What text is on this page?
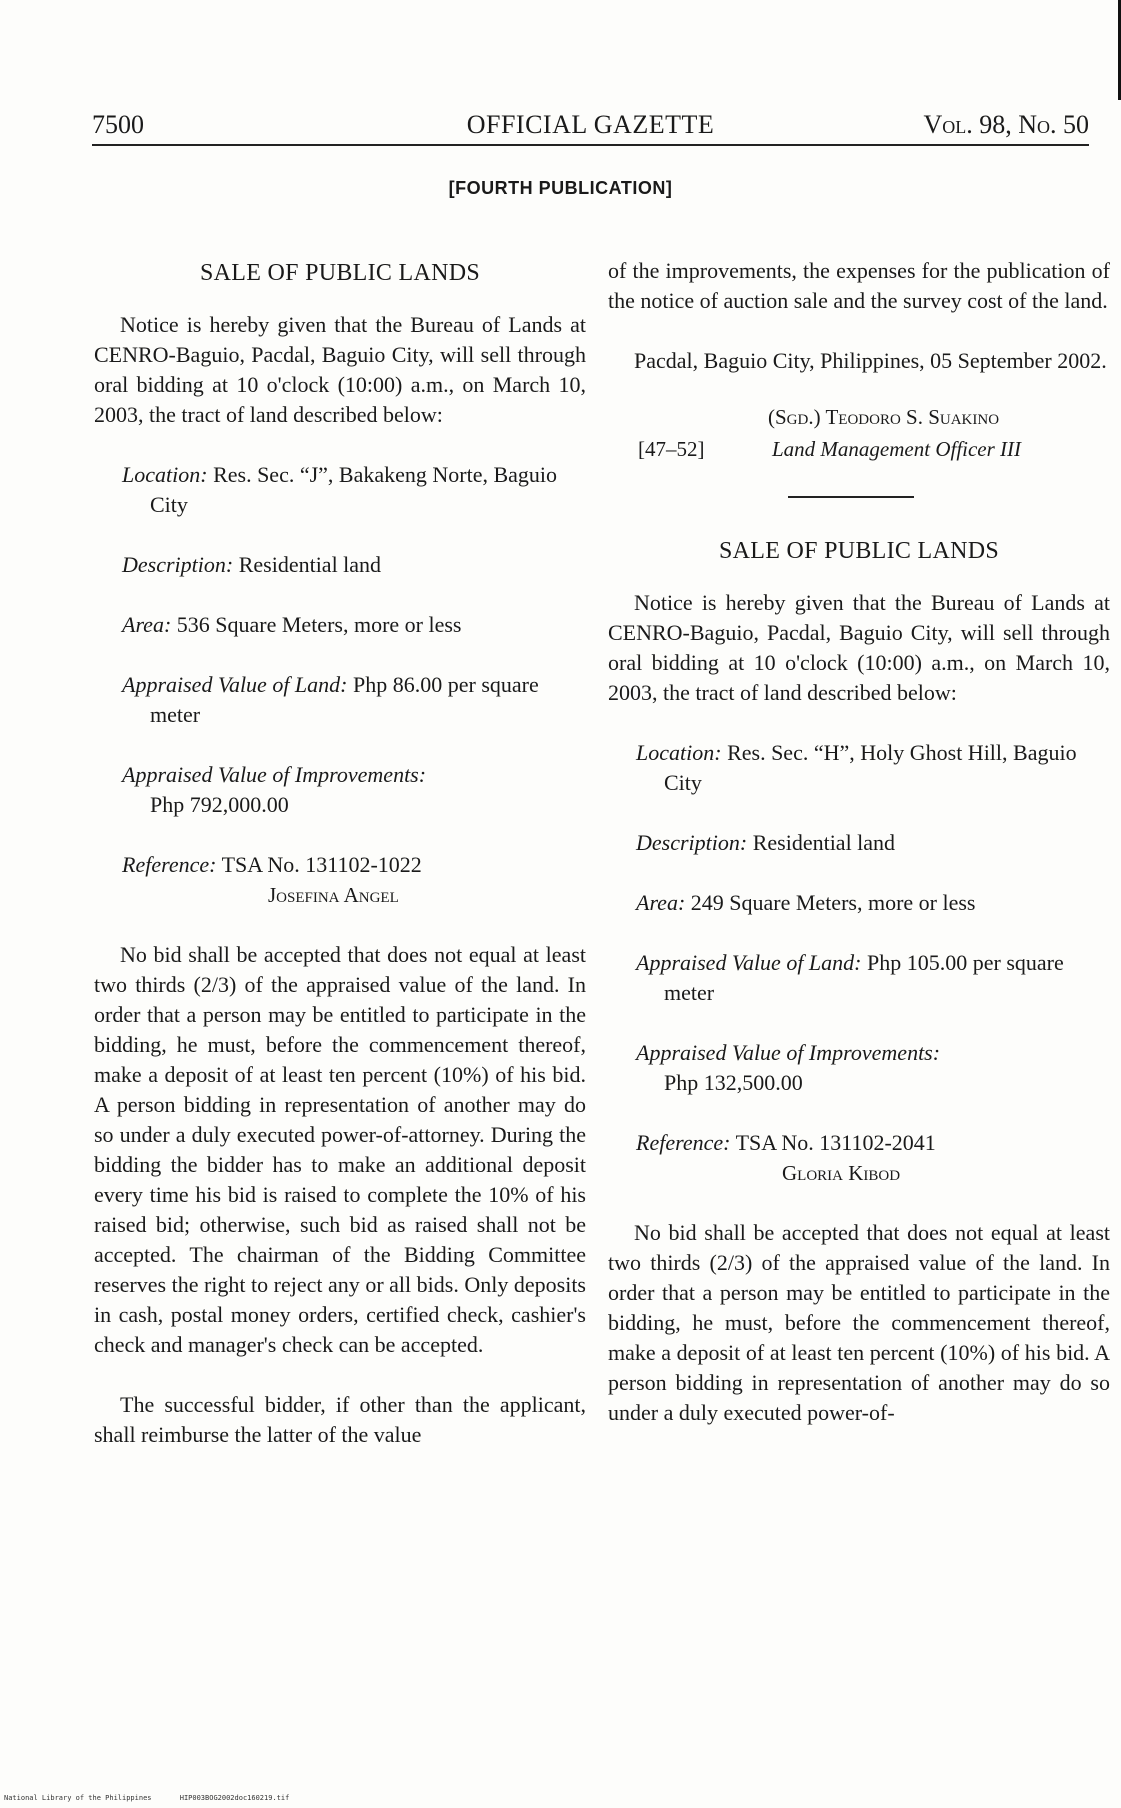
7500	OFFICIAL GAZETTE	Vol. 98, No. 50
[FOURTH PUBLICATION]
SALE OF PUBLIC LANDS

Notice is hereby given that the Bureau of Lands at CENRO-Baguio, Pacdal, Baguio City, will sell through oral bidding at 10 o'clock (10:00) a.m., on March 10, 2003, the tract of land described below:

Location: Res. Sec. “J”, Bakakeng Norte, Baguio City
Description: Residential land
Area: 536 Square Meters, more or less
Appraised Value of Land: Php 86.00 per square meter
Appraised Value of Improvements:
Php 792,000.00
Reference: TSA No. 131102-1022
Josefina Angel

No bid shall be accepted that does not equal at least two thirds (2/3) of the appraised value of the land. In order that a person may be entitled to participate in the bidding, he must, before the commencement thereof, make a deposit of at least ten percent (10%) of his bid. A person bidding in representation of another may do so under a duly executed power-of-attorney. During the bidding the bidder has to make an additional deposit every time his bid is raised to complete the 10% of his raised bid; otherwise, such bid as raised shall not be accepted. The chairman of the Bidding Committee reserves the right to reject any or all bids. Only deposits in cash, postal money orders, certified check, cashier's check and manager's check can be accepted.

The successful bidder, if other than the applicant, shall reimburse the latter of the value

of the improvements, the expenses for the publication of the notice of auction sale and the survey cost of the land.

Pacdal, Baguio City, Philippines, 05 September 2002.

(Sgd.) Teodoro S. Suakino
[47–52]	Land Management Officer III
SALE OF PUBLIC LANDS

Notice is hereby given that the Bureau of Lands at CENRO-Baguio, Pacdal, Baguio City, will sell through oral bidding at 10 o'clock (10:00) a.m., on March 10, 2003, the tract of land described below:

Location: Res. Sec. “H”, Holy Ghost Hill, Baguio City
Description: Residential land
Area: 249 Square Meters, more or less
Appraised Value of Land: Php 105.00 per square meter
Appraised Value of Improvements:
Php 132,500.00
Reference: TSA No. 131102-2041
Gloria Kibod

No bid shall be accepted that does not equal at least two thirds (2/3) of the appraised value of the land. In order that a person may be entitled to participate in the bidding, he must, before the commencement thereof, make a deposit of at least ten percent (10%) of his bid. A person bidding in representation of another may do so under a duly executed power-of-

National Library of the Philippines	HIP003BOG2002doc160219.tif
